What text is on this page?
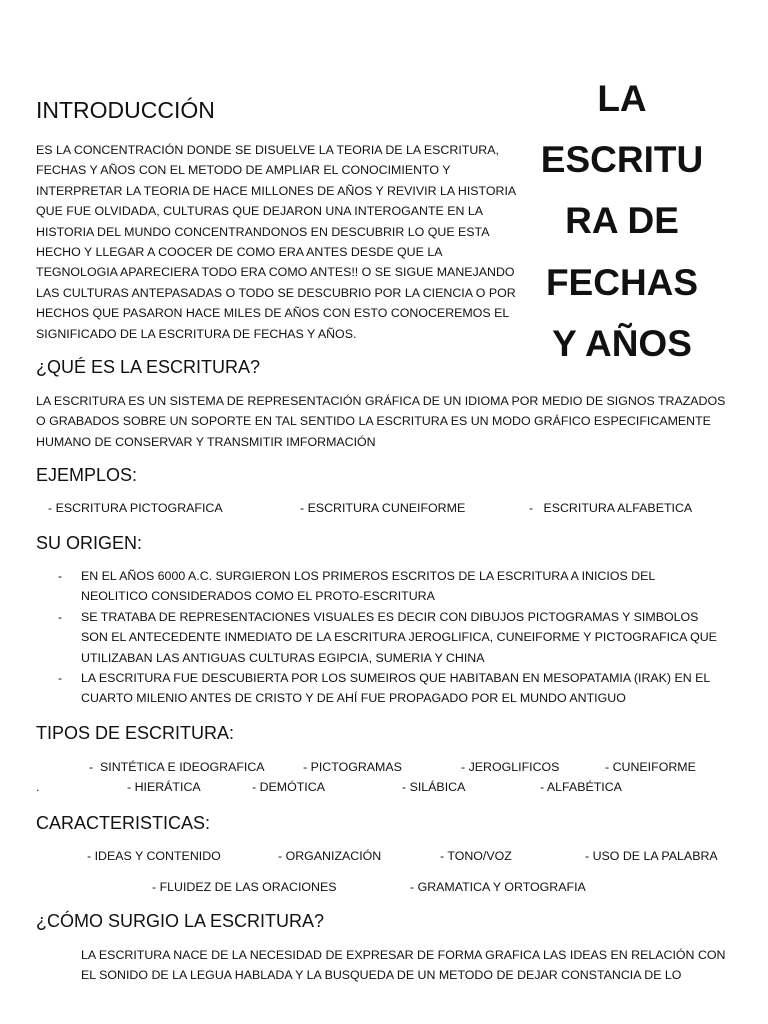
LA
ESCRITU
RA DE
FECHAS
Y AÑOS
INTRODUCCIÓN
ES LA CONCENTRACIÓN DONDE SE DISUELVE LA TEORIA DE LA ESCRITURA,
FECHAS Y AÑOS CON EL METODO DE AMPLIAR EL CONOCIMIENTO Y
INTERPRETAR LA TEORIA DE HACE MILLONES DE AÑOS Y REVIVIR LA HISTORIA
QUE FUE OLVIDADA, CULTURAS QUE DEJARON UNA INTEROGANTE EN LA
HISTORIA DEL MUNDO CONCENTRANDONOS EN DESCUBRIR LO QUE ESTA
HECHO Y LLEGAR A COOCER DE COMO ERA ANTES DESDE QUE LA
TEGNOLOGIA APARECIERA TODO ERA COMO ANTES!! O SE SIGUE MANEJANDO
LAS CULTURAS ANTEPASADAS O TODO SE DESCUBRIO POR LA CIENCIA O POR
HECHOS QUE PASARON HACE MILES DE AÑOS CON ESTO CONOCEREMOS EL
SIGNIFICADO DE LA ESCRITURA DE FECHAS Y AÑOS.
¿QUÉ ES LA ESCRITURA?
LA ESCRITURA ES UN SISTEMA DE REPRESENTACIÓN GRÁFICA DE UN IDIOMA POR MEDIO DE SIGNOS TRAZADOS
O GRABADOS SOBRE UN SOPORTE EN TAL SENTIDO LA ESCRITURA ES UN MODO GRÁFICO ESPECIFICAMENTE
HUMANO DE CONSERVAR Y TRANSMITIR IMFORMACIÓN
EJEMPLOS:
- ESCRITURA PICTOGRAFICA	- ESCRITURA CUNEIFORME	-   ESCRITURA ALFABETICA
SU ORIGEN:
- EN EL AÑOS 6000 A.C. SURGIERON LOS PRIMEROS ESCRITOS DE LA ESCRITURA A INICIOS DEL NEOLITICO CONSIDERADOS COMO EL PROTO-ESCRITURA
- SE TRATABA DE REPRESENTACIONES VISUALES ES DECIR CON DIBUJOS PICTOGRAMAS Y SIMBOLOS SON EL ANTECEDENTE INMEDIATO DE LA ESCRITURA JEROGLIFICA, CUNEIFORME Y PICTOGRAFICA QUE UTILIZABAN LAS ANTIGUAS CULTURAS EGIPCIA, SUMERIA Y CHINA
- LA ESCRITURA FUE DESCUBIERTA POR LOS SUMEIROS QUE HABITABAN EN MESOPATAMIA (IRAK) EN EL CUARTO MILENIO ANTES DE CRISTO Y DE AHÍ FUE PROPAGADO POR EL MUNDO ANTIGUO
TIPOS DE ESCRITURA:
-  SINTÉTICA E IDEOGRAFICA	- PICTOGRAMAS	- JEROGLIFICOS	- CUNEIFORME
.	- HIERÁTICA	- DEMÓTICA	- SILÁBICA	- ALFABÉTICA
CARACTERISTICAS:
- IDEAS Y CONTENIDO	- ORGANIZACIÓN	- TONO/VOZ	- USO DE LA PALABRA
- FLUIDEZ DE LAS ORACIONES	- GRAMATICA Y ORTOGRAFIA
¿CÓMO SURGIO LA ESCRITURA?
LA ESCRITURA NACE DE LA NECESIDAD DE EXPRESAR DE FORMA GRAFICA LAS IDEAS EN RELACIÓN CON
EL SONIDO DE LA LEGUA HABLADA Y LA BUSQUEDA DE UN METODO DE DEJAR CONSTANCIA DE LO
